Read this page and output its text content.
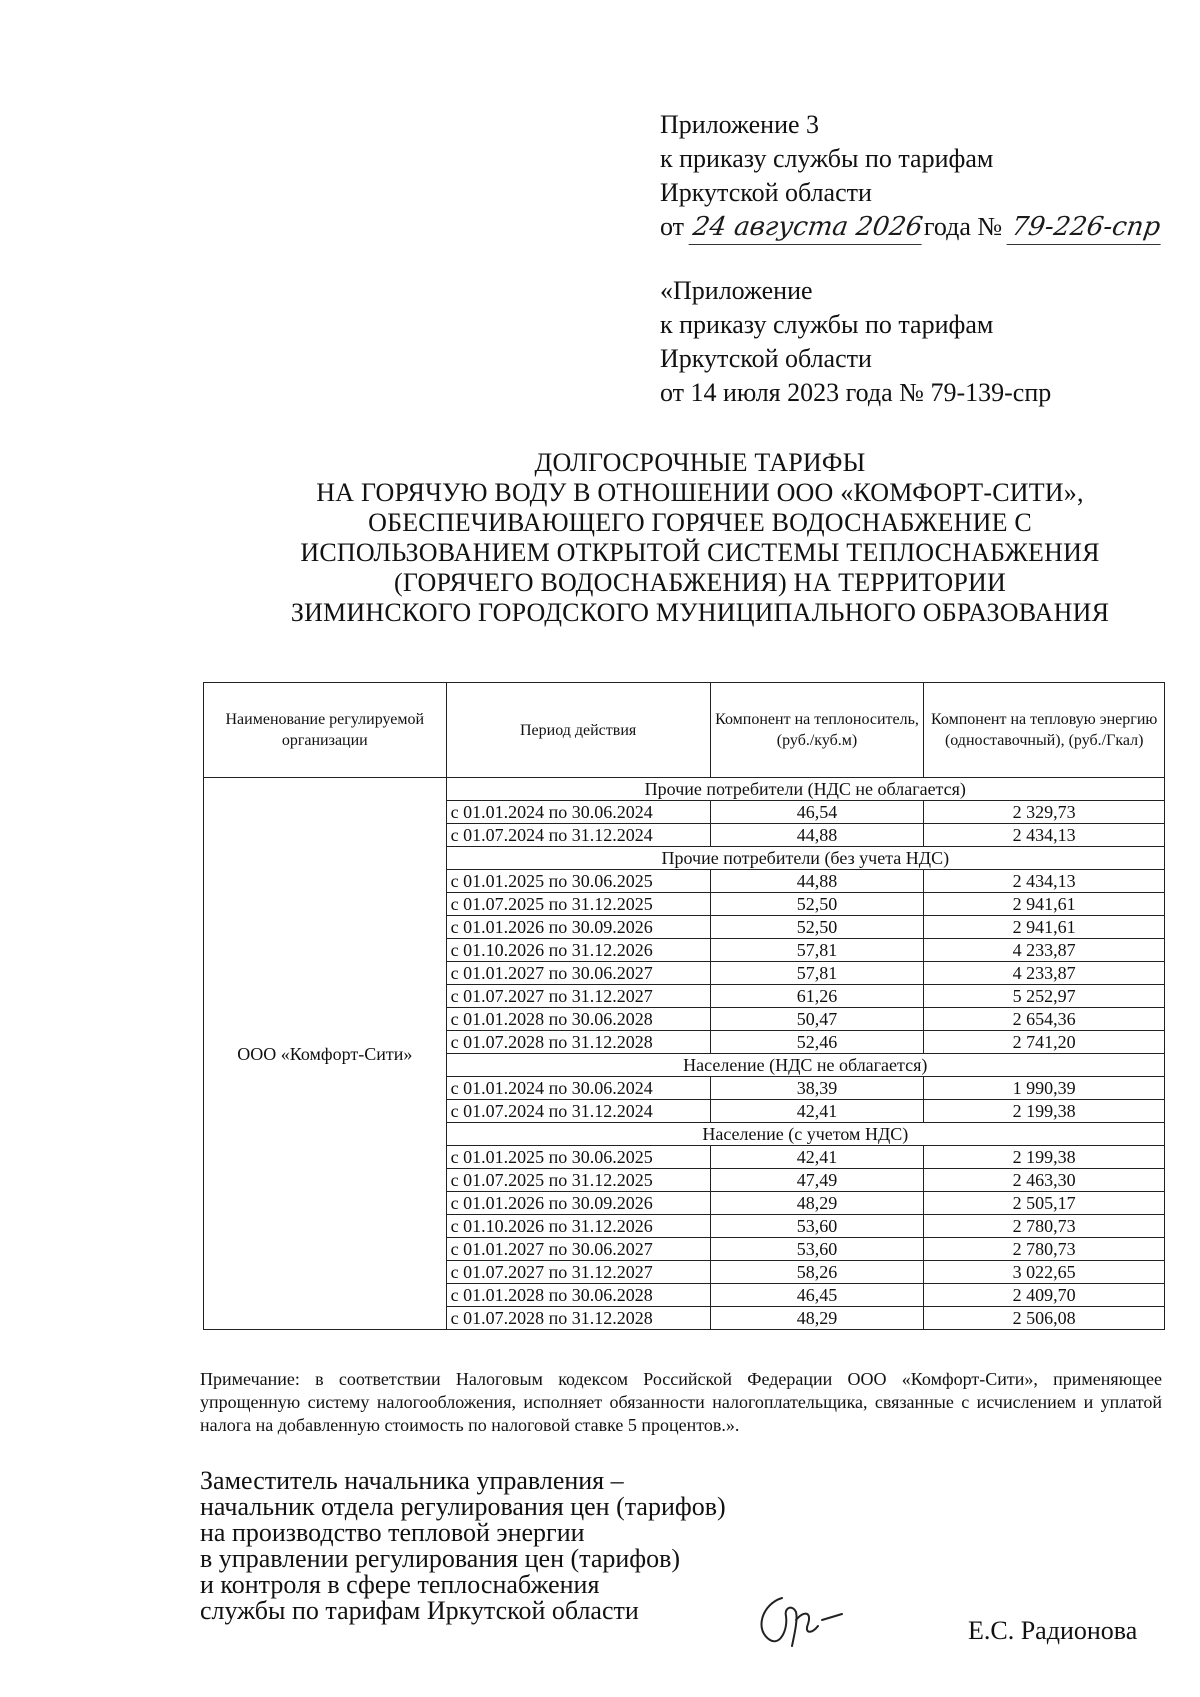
Приложение 3
к приказу службы по тарифам
Иркутской области
от 24 августа 2026года № 79-226-спр
«Приложение
к приказу службы по тарифам
Иркутской области
от 14 июля 2023 года № 79-139-спр
ДОЛГОСРОЧНЫЕ ТАРИФЫ
НА ГОРЯЧУЮ ВОДУ В ОТНОШЕНИИ ООО «КОМФОРТ-СИТИ»,
ОБЕСПЕЧИВАЮЩЕГО ГОРЯЧЕЕ ВОДОСНАБЖЕНИЕ С
ИСПОЛЬЗОВАНИЕМ ОТКРЫТОЙ СИСТЕМЫ ТЕПЛОСНАБЖЕНИЯ
(ГОРЯЧЕГО ВОДОСНАБЖЕНИЯ) НА ТЕРРИТОРИИ
ЗИМИНСКОГО ГОРОДСКОГО МУНИЦИПАЛЬНОГО ОБРАЗОВАНИЯ
Наименование регулируемой организации	Период действия	Компонент на теплоноситель, (руб./куб.м)	Компонент на тепловую энергию (одноставочный), (руб./Гкал)
ООО «Комфорт-Сити»	Прочие потребители (НДС не облагается)		
	с 01.01.2024 по 30.06.2024	46,54	2 329,73
	с 01.07.2024 по 31.12.2024	44,88	2 434,13
	Прочие потребители (без учета НДС)		
	с 01.01.2025 по 30.06.2025	44,88	2 434,13
	с 01.07.2025 по 31.12.2025	52,50	2 941,61
	с 01.01.2026 по 30.09.2026	52,50	2 941,61
	с 01.10.2026 по 31.12.2026	57,81	4 233,87
	с 01.01.2027 по 30.06.2027	57,81	4 233,87
	с 01.07.2027 по 31.12.2027	61,26	5 252,97
	с 01.01.2028 по 30.06.2028	50,47	2 654,36
	с 01.07.2028 по 31.12.2028	52,46	2 741,20
	Население (НДС не облагается)		
	с 01.01.2024 по 30.06.2024	38,39	1 990,39
	с 01.07.2024 по 31.12.2024	42,41	2 199,38
	Население (с учетом НДС)		
	с 01.01.2025 по 30.06.2025	42,41	2 199,38
	с 01.07.2025 по 31.12.2025	47,49	2 463,30
	с 01.01.2026 по 30.09.2026	48,29	2 505,17
	с 01.10.2026 по 31.12.2026	53,60	2 780,73
	с 01.01.2027 по 30.06.2027	53,60	2 780,73
	с 01.07.2027 по 31.12.2027	58,26	3 022,65
	с 01.01.2028 по 30.06.2028	46,45	2 409,70
	с 01.07.2028 по 31.12.2028	48,29	2 506,08
Примечание: в соответствии Налоговым кодексом Российской Федерации ООО «Комфорт-Сити», применяющее упрощенную систему налогообложения, исполняет обязанности налогоплательщика, связанные с исчислением и уплатой налога на добавленную стоимость по налоговой ставке 5 процентов.».
Заместитель начальника управления –
начальник отдела регулирования цен (тарифов)
на производство тепловой энергии
в управлении регулирования цен (тарифов)
и контроля в сфере теплоснабжения
службы по тарифам Иркутской области
Е.С. Радионова
